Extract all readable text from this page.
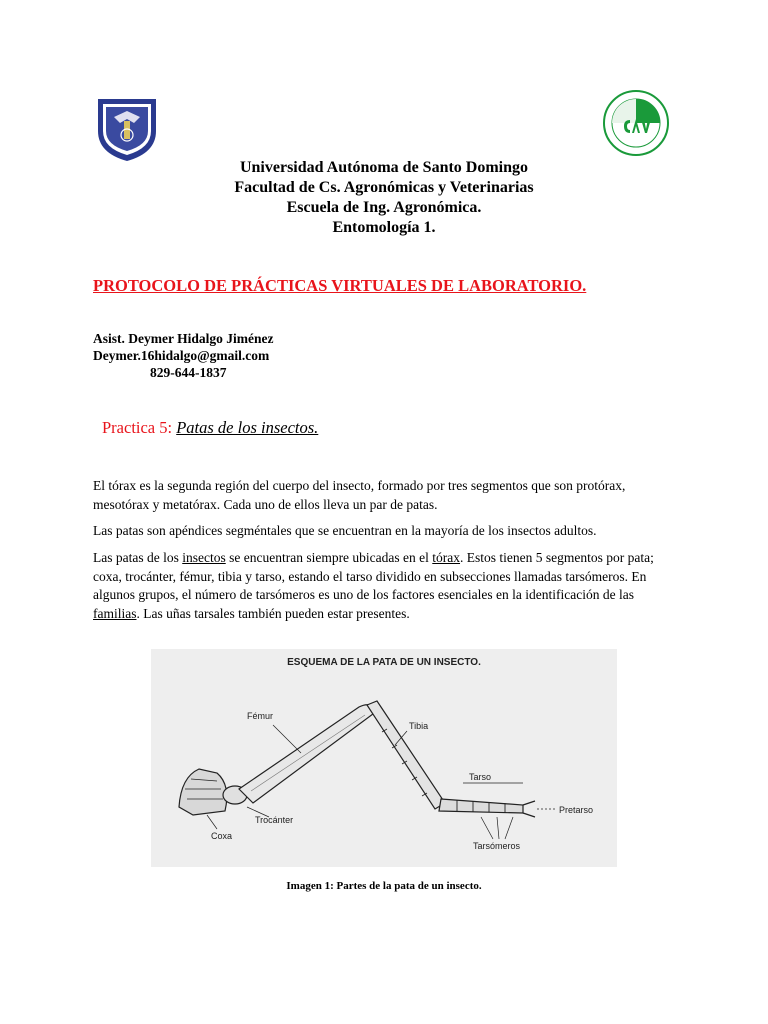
Universidad Autónoma de Santo Domingo
Facultad de Cs. Agronómicas y Veterinarias
Escuela de Ing. Agronómica.
Entomología 1.
PROTOCOLO DE PRÁCTICAS VIRTUALES DE LABORATORIO.
Asist. Deymer Hidalgo Jiménez
Deymer.16hidalgo@gmail.com
829-644-1837
Practica 5: Patas de los insectos.
El tórax es la segunda región del cuerpo del insecto, formado por tres segmentos que son protórax, mesotórax y metatórax. Cada uno de ellos lleva un par de patas.
Las patas son apéndices segméntales que se encuentran en la mayoría de los insectos adultos.
Las patas de los insectos se encuentran siempre ubicadas en el tórax. Estos tienen 5 segmentos por pata; coxa, trocánter, fémur, tibia y tarso, estando el tarso dividido en subsecciones llamadas tarsómeros. En algunos grupos, el número de tarsómeros es uno de los factores esenciales en la identificación de las familias. Las uñas tarsales también pueden estar presentes.
ESQUEMA DE LA PATA DE UN INSECTO.
Fémur
Tibia
Tarso
Pretarso
Trocánter
Coxa
Tarsómeros
Imagen 1: Partes de la pata de un insecto.
